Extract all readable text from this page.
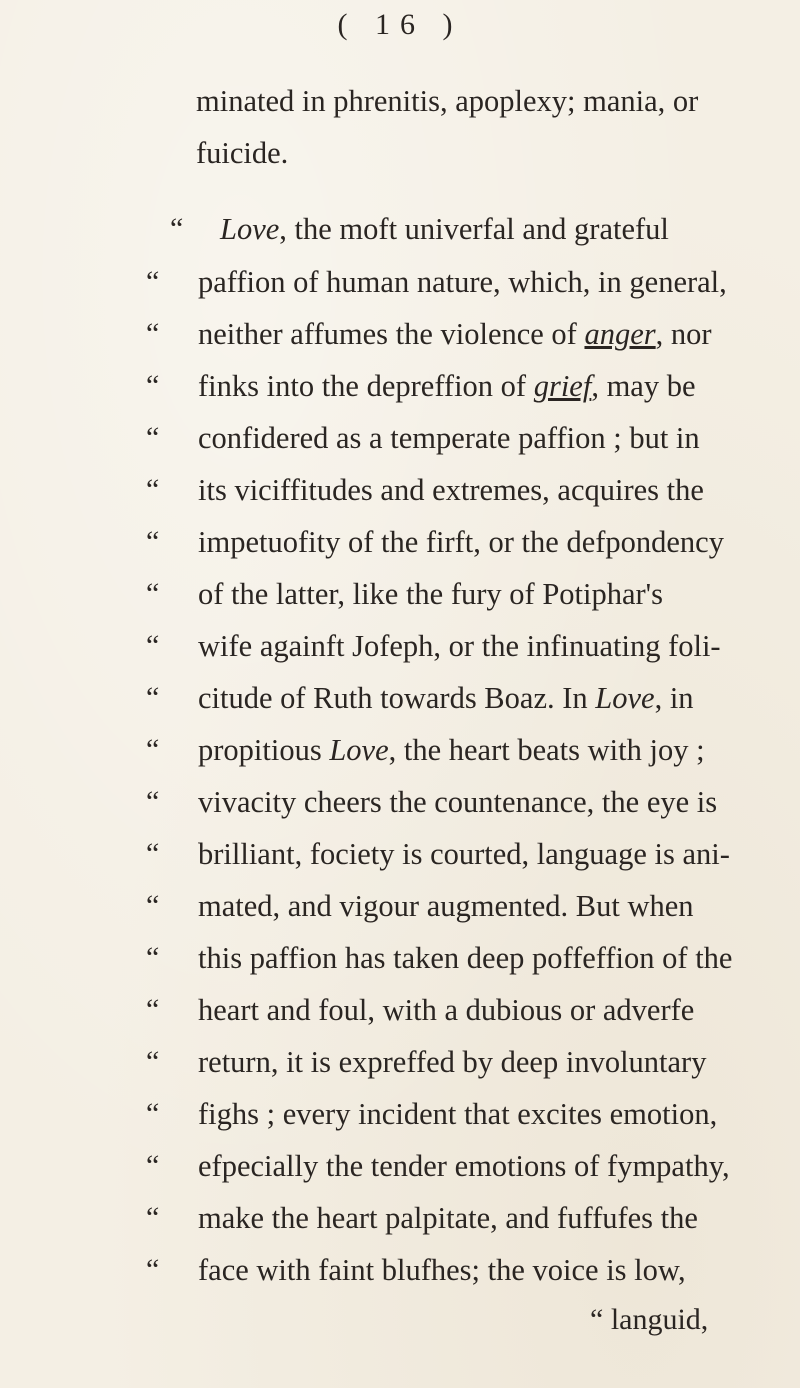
( 16 )
minated in phrenitis, apoplexy; mania, or
fuicide.
“ Love, the moft univerfal and grateful
“ paffion of human nature, which, in general,
“ neither affumes the violence of anger, nor
“ finks into the depreffion of grief, may be
“ confidered as a temperate paffion ; but in
“ its viciffitudes and extremes, acquires the
“ impetuofity of the firft, or the defpondency
“ of the latter, like the fury of Potiphar's
“ wife againft Jofeph, or the infinuating foli-
“ citude of Ruth towards Boaz. In Love, in
“ propitious Love, the heart beats with joy ;
“ vivacity cheers the countenance, the eye is
“ brilliant, fociety is courted, language is ani-
“ mated, and vigour augmented. But when
“ this paffion has taken deep poffeffion of the
“ heart and foul, with a dubious or adverfe
“ return, it is expreffed by deep involuntary
“ fighs ; every incident that excites emotion,
“ efpecially the tender emotions of fympathy,
“ make the heart palpitate, and fuffufes the
“ face with faint blufhes; the voice is low,
“ languid,
